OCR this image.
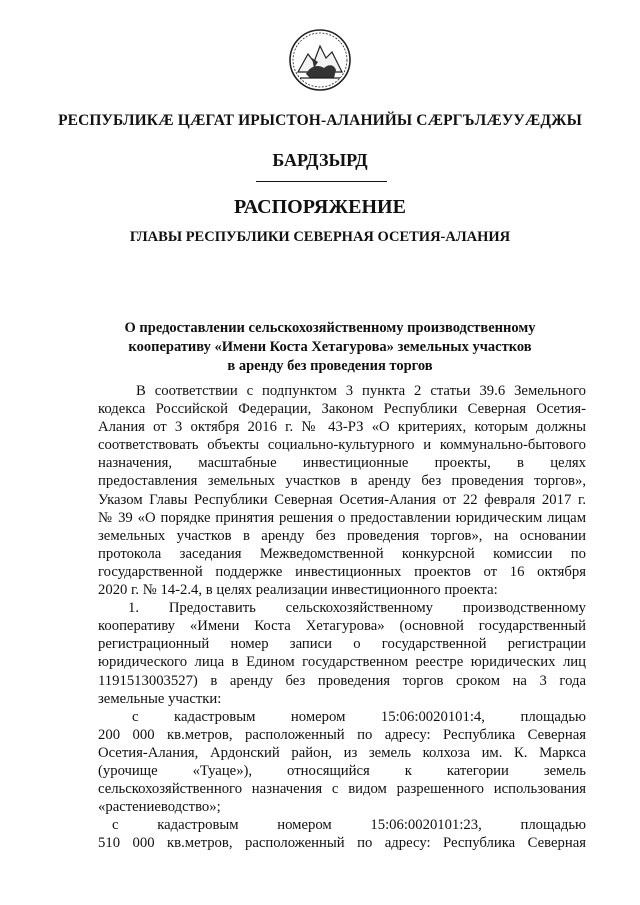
РЕСПУБЛИКӔ ЦӔГАТ ИРЫСТОН-АЛАНИЙЫ СӔРГЪЛӔУУӔДЖЫ
БАРДЗЫРД
РАСПОРЯЖЕНИЕ
ГЛАВЫ РЕСПУБЛИКИ СЕВЕРНАЯ ОСЕТИЯ-АЛАНИЯ
О предоставлении сельскохозяйственному производственному
кооперативу «Имени Коста Хетагурова» земельных участков
в аренду без проведения торгов
В соответствии с подпунктом 3 пункта 2 статьи 39.6 Земельного
кодекса Российской Федерации, Законом Республики Северная Осетия-
Алания от 3 октября 2016 г. № 43-РЗ «О критериях, которым должны
соответствовать объекты социально-культурного и коммунально-бытового
назначения, масштабные инвестиционные проекты, в целях
предоставления земельных участков в аренду без проведения торгов»,
Указом Главы Республики Северная Осетия-Алания от 22 февраля 2017 г.
№ 39 «О порядке принятия решения о предоставлении юридическим лицам
земельных участков в аренду без проведения торгов», на основании
протокола заседания Межведомственной конкурсной комиссии по
государственной поддержке инвестиционных проектов от 16 октября
2020 г. № 14-2.4, в целях реализации инвестиционного проекта:
1. Предоставить сельскохозяйственному производственному
кооперативу «Имени Коста Хетагурова» (основной государственный
регистрационный номер записи о государственной регистрации
юридического лица в Едином государственном реестре юридических лиц
1191513003527) в аренду без проведения торгов сроком на 3 года
земельные участки:
с кадастровым номером 15:06:0020101:4, площадью
200 000 кв.метров, расположенный по адресу: Республика Северная
Осетия-Алания, Ардонский район, из земель колхоза им. К. Маркса
(урочище «Туаце»), относящийся к категории земель
сельскохозяйственного назначения с видом разрешенного использования
«растениеводство»;
с кадастровым номером 15:06:0020101:23, площадью
510 000 кв.метров, расположенный по адресу: Республика Северная
